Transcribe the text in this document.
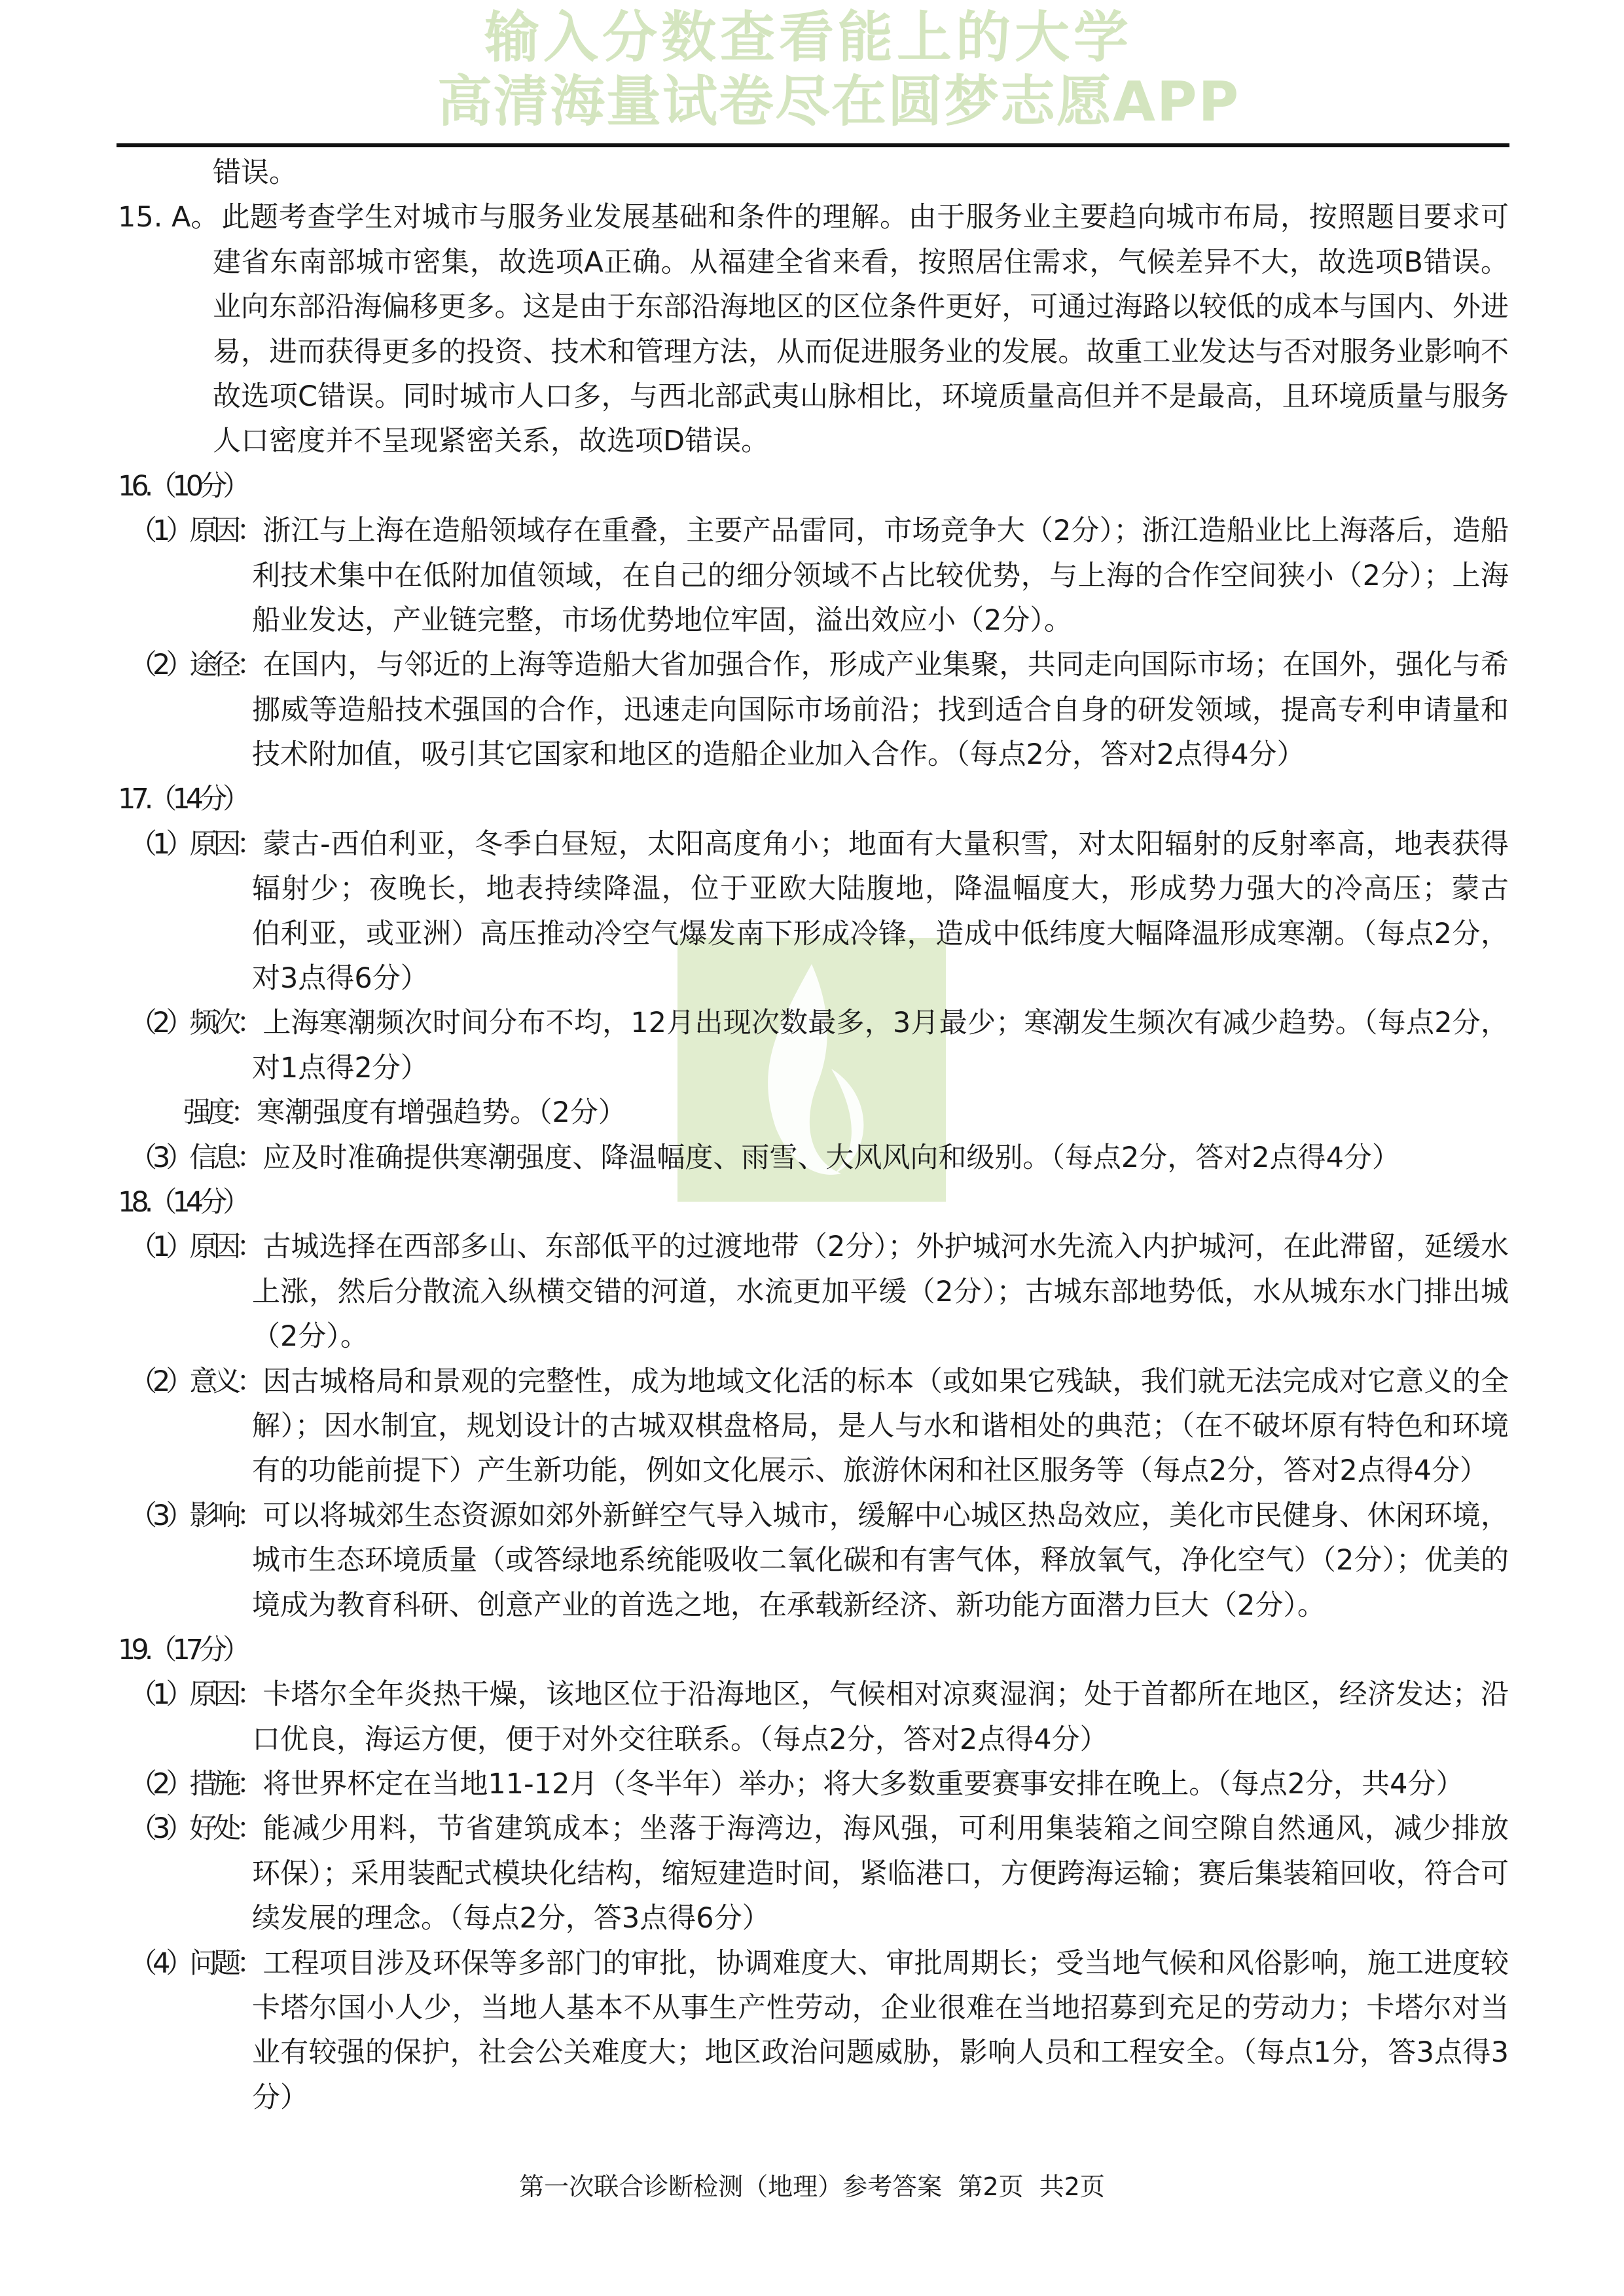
输入分数查看能上的大学
高清海量试卷尽在圆梦志愿APP
错误。
15. A。 此题考查学生对城市与服务业发展基础和条件的理解。由于服务业主要趋向城市布局，按照题目要求可
建省东南部城市密集，故选项A正确。从福建全省来看，按照居住需求，气候差异不大，故选项B错误。
业向东部沿海偏移更多。这是由于东部沿海地区的区位条件更好，可通过海路以较低的成本与国内、外进
易，进而获得更多的投资、技术和管理方法，从而促进服务业的发展。故重工业发达与否对服务业影响不
故选项C错误。同时城市人口多，与西北部武夷山脉相比，环境质量高但并不是最高，且环境质量与服务
人口密度并不呈现紧密关系，故选项D错误。
16.（10分）
（1）原因： 浙江与上海在造船领域存在重叠，主要产品雷同，市场竞争大（2分）；浙江造船业比上海落后，造船
利技术集中在低附加值领域，在自己的细分领域不占比较优势，与上海的合作空间狭小（2分）；上海
船业发达，产业链完整，市场优势地位牢固，溢出效应小（2分）。
（2）途径： 在国内，与邻近的上海等造船大省加强合作，形成产业集聚，共同走向国际市场；在国外，强化与希
挪威等造船技术强国的合作，迅速走向国际市场前沿；找到适合自身的研发领域，提高专利申请量和
技术附加值，吸引其它国家和地区的造船企业加入合作。（每点2分，答对2点得4分）
17.（14分）
（1）原因： 蒙古-西伯利亚，冬季白昼短，太阳高度角小；地面有大量积雪，对太阳辐射的反射率高，地表获得
辐射少；夜晚长，地表持续降温，位于亚欧大陆腹地，降温幅度大，形成势力强大的冷高压；蒙古
伯利亚，或亚洲）高压推动冷空气爆发南下形成冷锋，造成中低纬度大幅降温形成寒潮。（每点2分，
对3点得6分）
（2）频次： 上海寒潮频次时间分布不均，12月出现次数最多，3月最少；寒潮发生频次有减少趋势。（每点2分，
对1点得2分）
强度： 寒潮强度有增强趋势。（2分）
（3）信息： 应及时准确提供寒潮强度、降温幅度、雨雪、大风风向和级别。（每点2分，答对2点得4分）
18.（14分）
（1）原因： 古城选择在西部多山、东部低平的过渡地带（2分）；外护城河水先流入内护城河，在此滞留，延缓水
上涨，然后分散流入纵横交错的河道，水流更加平缓（2分）；古城东部地势低，水从城东水门排出城
（2分）。
（2）意义： 因古城格局和景观的完整性，成为地域文化活的标本（或如果它残缺，我们就无法完成对它意义的全
解）；因水制宜，规划设计的古城双棋盘格局，是人与水和谐相处的典范；（在不破坏原有特色和环境
有的功能前提下）产生新功能，例如文化展示、旅游休闲和社区服务等（每点2分，答对2点得4分）
（3）影响： 可以将城郊生态资源如郊外新鲜空气导入城市，缓解中心城区热岛效应，美化市民健身、休闲环境，
城市生态环境质量（或答绿地系统能吸收二氧化碳和有害气体，释放氧气，净化空气）（2分）；优美的
境成为教育科研、创意产业的首选之地，在承载新经济、新功能方面潜力巨大（2分）。
19.（17分）
（1）原因： 卡塔尔全年炎热干燥，该地区位于沿海地区，气候相对凉爽湿润；处于首都所在地区，经济发达；沿
口优良，海运方便，便于对外交往联系。（每点2分，答对2点得4分）
（2）措施： 将世界杯定在当地11-12月（冬半年）举办；将大多数重要赛事安排在晚上。（每点2分，共4分）
（3）好处： 能减少用料，节省建筑成本；坐落于海湾边，海风强，可利用集装箱之间空隙自然通风，减少排放
环保）；采用装配式模块化结构，缩短建造时间，紧临港口，方便跨海运输；赛后集装箱回收，符合可
续发展的理念。（每点2分，答3点得6分）
（4）问题： 工程项目涉及环保等多部门的审批，协调难度大、审批周期长；受当地气候和风俗影响，施工进度较
卡塔尔国小人少，当地人基本不从事生产性劳动，企业很难在当地招募到充足的劳动力；卡塔尔对当
业有较强的保护，社会公关难度大；地区政治问题威胁，影响人员和工程安全。（每点1分，答3点得3
分）
第一次联合诊断检测（地理）参考答案  第2页  共2页
